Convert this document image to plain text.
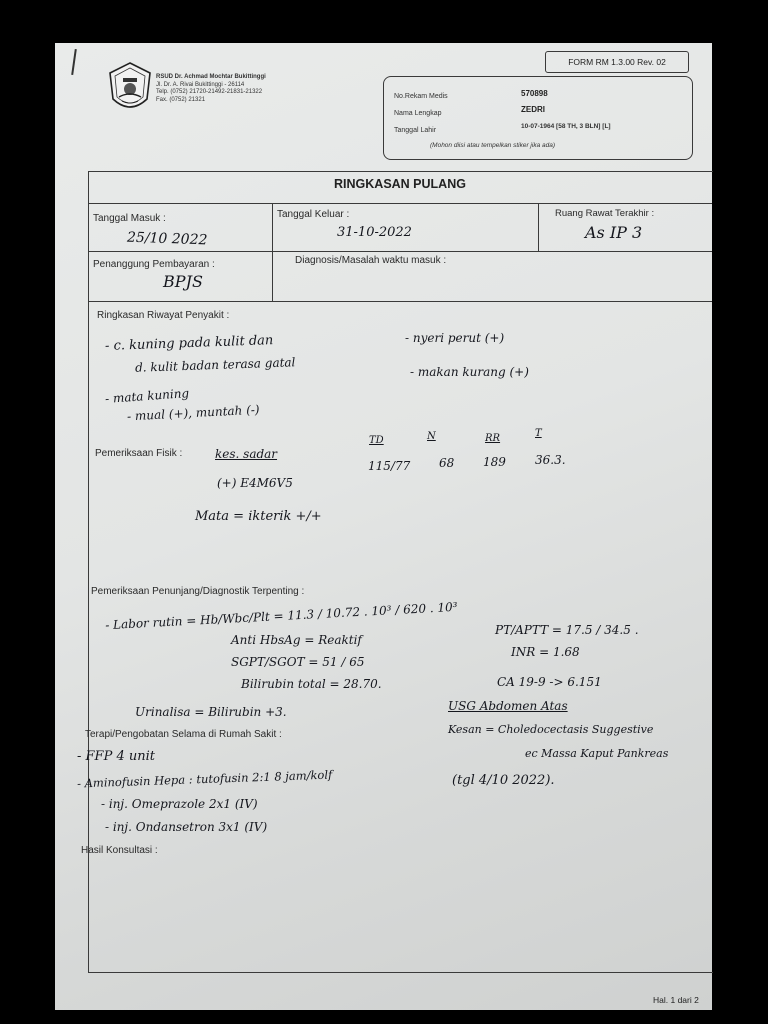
RSUD Dr. Achmad Mochtar Bukittinggi
Jl. Dr. A. Rivai Bukittinggi - 26114
Telp. (0752) 21720-21492-21831-21322
Fax. (0752) 21321
FORM RM 1.3.00 Rev. 02
No.Rekam Medis	570898
Nama Lengkap	ZEDRI
Tanggal Lahir
10-07-1964 [58 TH, 3 BLN] [L]
(Mohon diisi atau tempelkan stiker jika ada)
RINGKASAN PULANG
Tanggal Masuk :
25/10 2022
Tanggal Keluar :
31-10-2022
Ruang Rawat Terakhir :
As IP 3
Penanggung Pembayaran :
BPJS
Diagnosis/Masalah waktu masuk :
Ringkasan Riwayat Penyakit :
- c. kuning pada kulit dan
d. kulit badan terasa gatal
- mata kuning
- mual (+), muntah (-)
- nyeri perut (+)
- makan kurang (+)
Pemeriksaan Fisik :	kes. sadar
(+) E4M6V5
Mata = ikterik +/+
TD	N	RR	T
115/77 68 189 36.3.
Pemeriksaan Penunjang/Diagnostik Terpenting :
- Labor rutin = Hb/Wbc/Plt = 11.3 / 10.72 . 10³ / 620 . 10³
Anti HbsAg = Reaktif
SGPT/SGOT = 51 / 65
Bilirubin total = 28.70.
Urinalisa = Bilirubin +3.
PT/APTT = 17.5 / 34.5 .
INR = 1.68
CA 19-9 -> 6.151
USG Abdomen Atas
Kesan = Choledocectasis Suggestive
ec Massa Kaput Pankreas
(tgl 4/10 2022).
Terapi/Pengobatan Selama di Rumah Sakit :
- FFP 4 unit
- Aminofusin Hepa : tutofusin 2:1 8 jam/kolf
- inj. Omeprazole 2x1 (IV)
- inj. Ondansetron 3x1 (IV)
Hasil Konsultasi :
Hal. 1 dari 2
